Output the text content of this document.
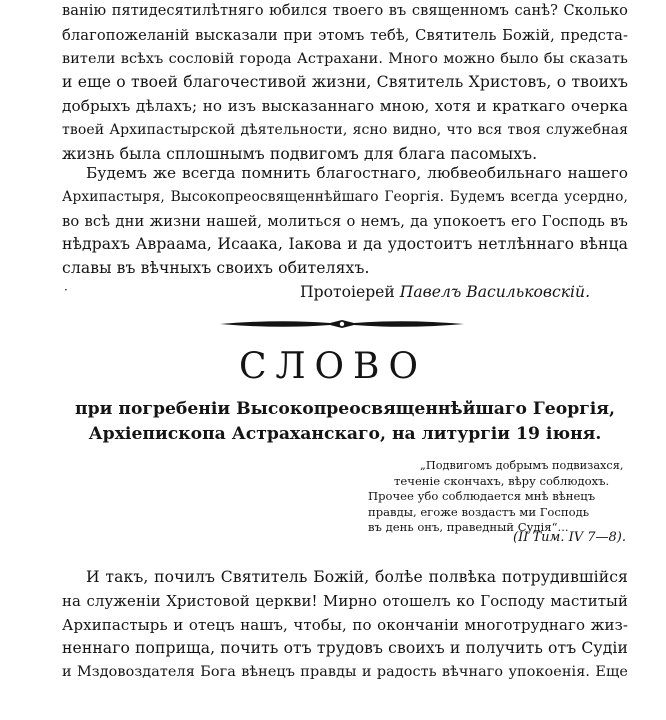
ванію пятидесятилѣтняго юбился твоего въ священномъ санѣ? Сколько
благопожеланій высказали при этомъ тебѣ, Святитель Божій, предста-
вители всѣхъ сословій города Астрахани. Много можно было бы сказать
и еще о твоей благочестивой жизни, Святитель Христовъ, о твоихъ
добрыхъ дѣлахъ; но изъ высказаннаго мною, хотя и краткаго очерка
твоей Архипастырской дѣятельности, ясно видно, что вся твоя служебная
жизнь была сплошнымъ подвигомъ для блага пасомыхъ.
Будемъ же всегда помнить благостнаго, любвеобильнаго нашего
Архипастыря, Высокопреосвященнѣйшаго Георгія. Будемъ всегда усердно,
во всѣ дни жизни нашей, молиться о немъ, да упокоетъ его Господь въ
нѣдрахъ Авраама, Исаака, Іакова и да удостоитъ нетлѣннаго вѣнца
славы въ вѣчныхъ своихъ обителяхъ.
·	Протоіерей Павелъ Васильковскій.
СЛОВО
при погребеніи Высокопреосвященнѣйшаго Георгія,
Архіепископа Астраханскаго, на литургіи 19 іюня.
„Подвигомъ добрымъ подвизахся,
теченіе скончахъ, вѣру соблюдохъ.
Прочее убо соблюдается мнѣ вѣнецъ
правды, егоже воздастъ ми Господь
въ день онъ, праведный Судія“...
(II Тим. IV 7—8).
И такъ, почилъ Святитель Божій, болѣе полвѣка потрудившійся
на служеніи Христовой церкви! Мирно отошелъ ко Господу маститый
Архипастырь и отецъ нашъ, чтобы, по окончаніи многотруднаго жиз-
неннаго поприща, почить отъ трудовъ своихъ и получить отъ Судіи
и Мздовоздателя Бога вѣнецъ правды и радость вѣчнаго упокоенія. Еще
